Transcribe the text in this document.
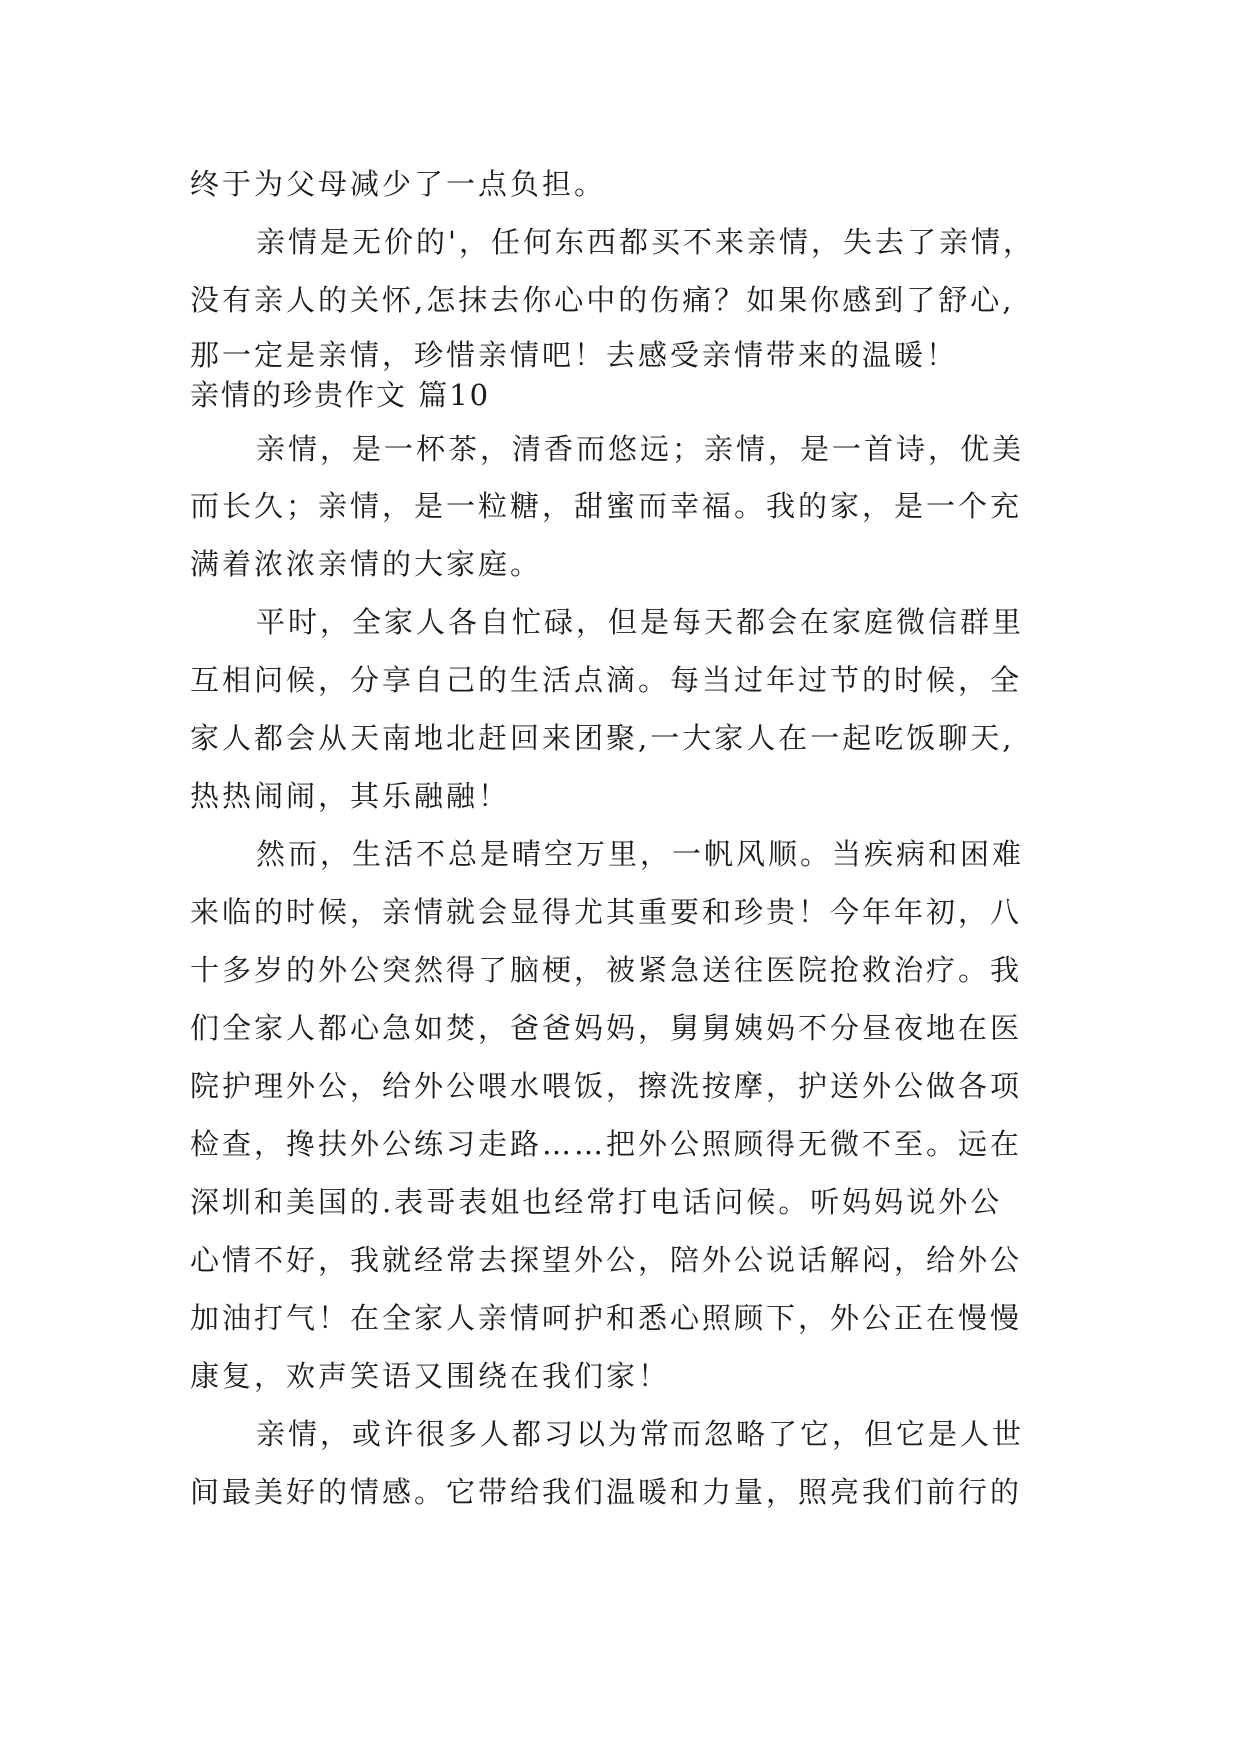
终于为父母减少了一点负担。
亲情是无价的'，任何东西都买不来亲情，失去了亲情，
没有亲人的关怀,怎抹去你心中的伤痛？如果你感到了舒心,
那一定是亲情，珍惜亲情吧！去感受亲情带来的温暖！
亲情的珍贵作文 篇10
亲情，是一杯茶，清香而悠远；亲情，是一首诗，优美
而长久；亲情，是一粒糖，甜蜜而幸福。我的家，是一个充
满着浓浓亲情的大家庭。
平时，全家人各自忙碌，但是每天都会在家庭微信群里
互相问候，分享自己的生活点滴。每当过年过节的时候，全
家人都会从天南地北赶回来团聚,一大家人在一起吃饭聊天,
热热闹闹，其乐融融！
然而，生活不总是晴空万里，一帆风顺。当疾病和困难
来临的时候，亲情就会显得尤其重要和珍贵！今年年初，八
十多岁的外公突然得了脑梗，被紧急送往医院抢救治疗。我
们全家人都心急如焚，爸爸妈妈，舅舅姨妈不分昼夜地在医
院护理外公，给外公喂水喂饭，擦洗按摩，护送外公做各项
检查，搀扶外公练习走路……把外公照顾得无微不至。远在
深圳和美国的.表哥表姐也经常打电话问候。听妈妈说外公
心情不好，我就经常去探望外公，陪外公说话解闷，给外公
加油打气！在全家人亲情呵护和悉心照顾下，外公正在慢慢
康复，欢声笑语又围绕在我们家！
亲情，或许很多人都习以为常而忽略了它，但它是人世
间最美好的情感。它带给我们温暖和力量，照亮我们前行的
